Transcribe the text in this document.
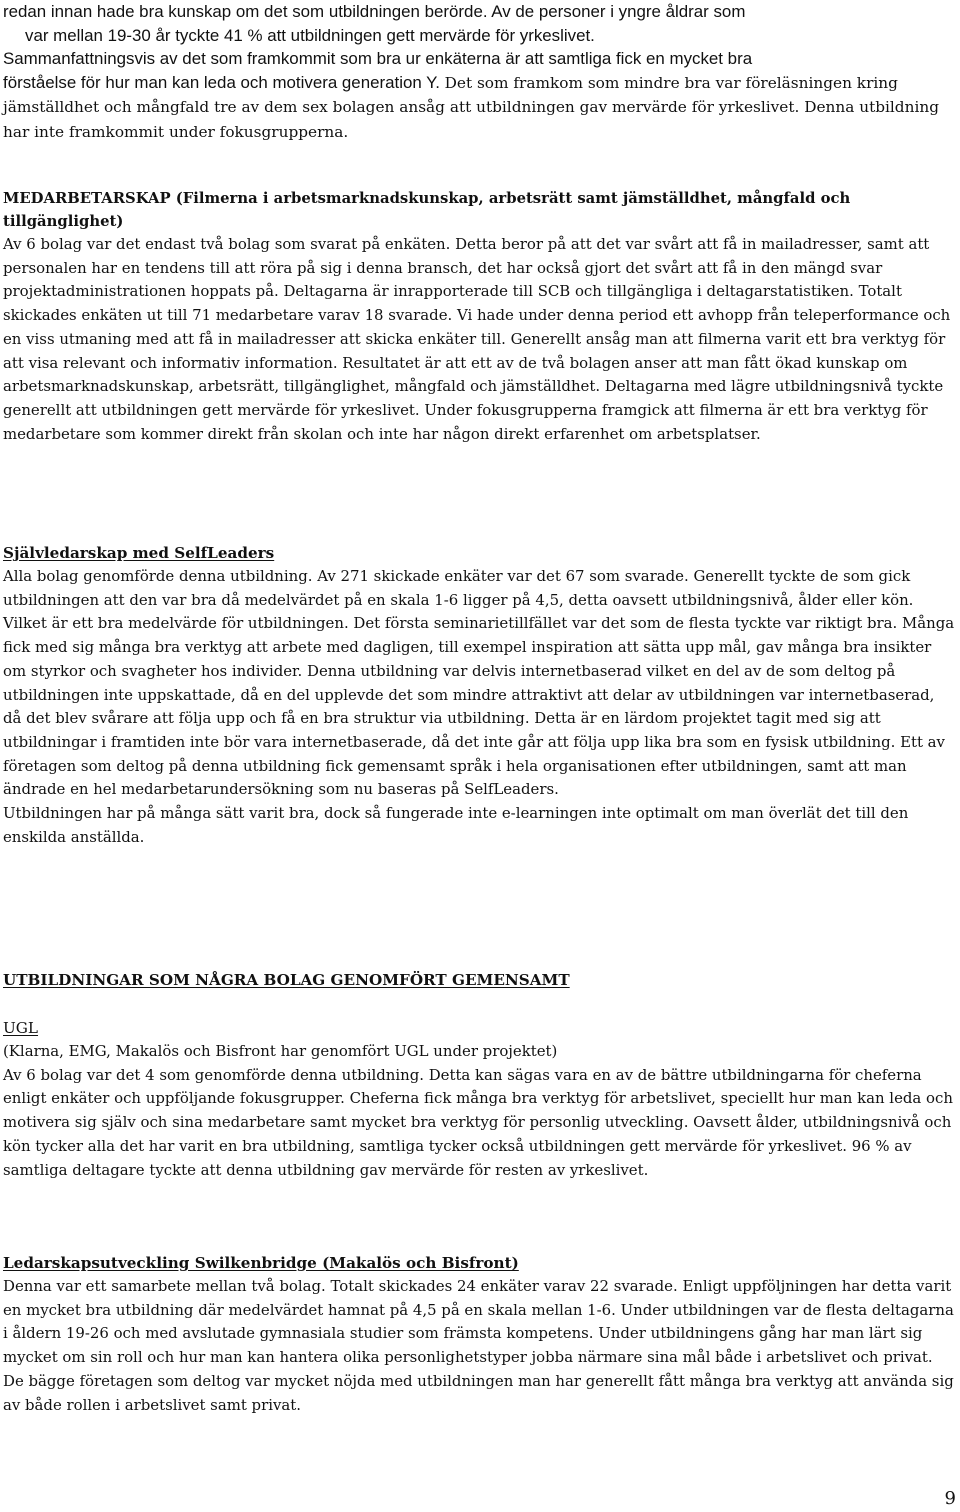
redan innan hade bra kunskap om det som utbildningen berörde. Av de personer i yngre åldrar som
var mellan 19-30 år tyckte 41 % att utbildningen gett mervärde för yrkeslivet.
Sammanfattningsvis av det som framkommit som bra ur enkäterna är att samtliga fick en mycket bra
förståelse för hur man kan leda och motivera generation Y. Det som framkom som mindre bra var föreläsningen kring jämställdhet och mångfald tre av dem sex bolagen ansåg att utbildningen gav mervärde för yrkeslivet. Denna utbildning har inte framkommit under fokusgrupperna.
MEDARBETARSKAP (Filmerna i arbetsmarknadskunskap, arbetsrätt samt jämställdhet, mångfald och tillgänglighet)
Av 6 bolag var det endast två bolag som svarat på enkäten. Detta beror på att det var svårt att få in mailadresser, samt att personalen har en tendens till att röra på sig i denna bransch, det har också gjort det svårt att få in den mängd svar projektadministrationen hoppats på. Deltagarna är inrapporterade till SCB och tillgängliga i deltagarstatistiken. Totalt skickades enkäten ut till 71 medarbetare varav 18 svarade. Vi hade under denna period ett avhopp från teleperformance och en viss utmaning med att få in mailadresser att skicka enkäter till. Generellt ansåg man att filmerna varit ett bra verktyg för att visa relevant och informativ information. Resultatet är att ett av de två bolagen anser att man fått ökad kunskap om arbetsmarknadskunskap, arbetsrätt, tillgänglighet, mångfald och jämställdhet. Deltagarna med lägre utbildningsnivå tyckte generellt att utbildningen gett mervärde för yrkeslivet. Under fokusgrupperna framgick att filmerna är ett bra verktyg för medarbetare som kommer direkt från skolan och inte har någon direkt erfarenhet om arbetsplatser.
Självledarskap med SelfLeaders
Alla bolag genomförde denna utbildning. Av 271 skickade enkäter var det 67 som svarade. Generellt tyckte de som gick utbildningen att den var bra då medelvärdet på en skala 1-6 ligger på 4,5, detta oavsett utbildningsnivå, ålder eller kön. Vilket är ett bra medelvärde för utbildningen. Det första seminarietillfället var det som de flesta tyckte var riktigt bra. Många fick med sig många bra verktyg att arbete med dagligen, till exempel inspiration att sätta upp mål, gav många bra insikter om styrkor och svagheter hos individer. Denna utbildning var delvis internetbaserad vilket en del av de som deltog på utbildningen inte uppskattade, då en del upplevde det som mindre attraktivt att delar av utbildningen var internetbaserad, då det blev svårare att följa upp och få en bra struktur via utbildning. Detta är en lärdom projektet tagit med sig att utbildningar i framtiden inte bör vara internetbaserade, då det inte går att följa upp lika bra som en fysisk utbildning. Ett av företagen som deltog på denna utbildning fick gemensamt språk i hela organisationen efter utbildningen, samt att man ändrade en hel medarbetarundersökning som nu baseras på SelfLeaders.
Utbildningen har på många sätt varit bra, dock så fungerade inte e-learningen inte optimalt om man överlät det till den enskilda anställda.
UTBILDNINGAR SOM NÅGRA BOLAG GENOMFÖRT GEMENSAMT
UGL
(Klarna, EMG, Makalös och Bisfront har genomfört UGL under projektet)
Av 6 bolag var det 4 som genomförde denna utbildning. Detta kan sägas vara en av de bättre utbildningarna för cheferna enligt enkäter och uppföljande fokusgrupper. Cheferna fick många bra verktyg för arbetslivet, speciellt hur man kan leda och motivera sig själv och sina medarbetare samt mycket bra verktyg för personlig utveckling. Oavsett ålder, utbildningsnivå och kön tycker alla det har varit en bra utbildning, samtliga tycker också utbildningen gett mervärde för yrkeslivet. 96 % av samtliga deltagare tyckte att denna utbildning gav mervärde för resten av yrkeslivet.
Ledarskapsutveckling Swilkenbridge (Makalös och Bisfront)
Denna var ett samarbete mellan två bolag. Totalt skickades 24 enkäter varav 22 svarade. Enligt uppföljningen har detta varit en mycket bra utbildning där medelvärdet hamnat på 4,5 på en skala mellan 1-6. Under utbildningen var de flesta deltagarna i åldern 19-26 och med avslutade gymnasiala studier som främsta kompetens. Under utbildningens gång har man lärt sig mycket om sin roll och hur man kan hantera olika personlighetstyper jobba närmare sina mål både i arbetslivet och privat.
De bägge företagen som deltog var mycket nöjda med utbildningen man har generellt fått många bra verktyg att använda sig av både rollen i arbetslivet samt privat.
9
